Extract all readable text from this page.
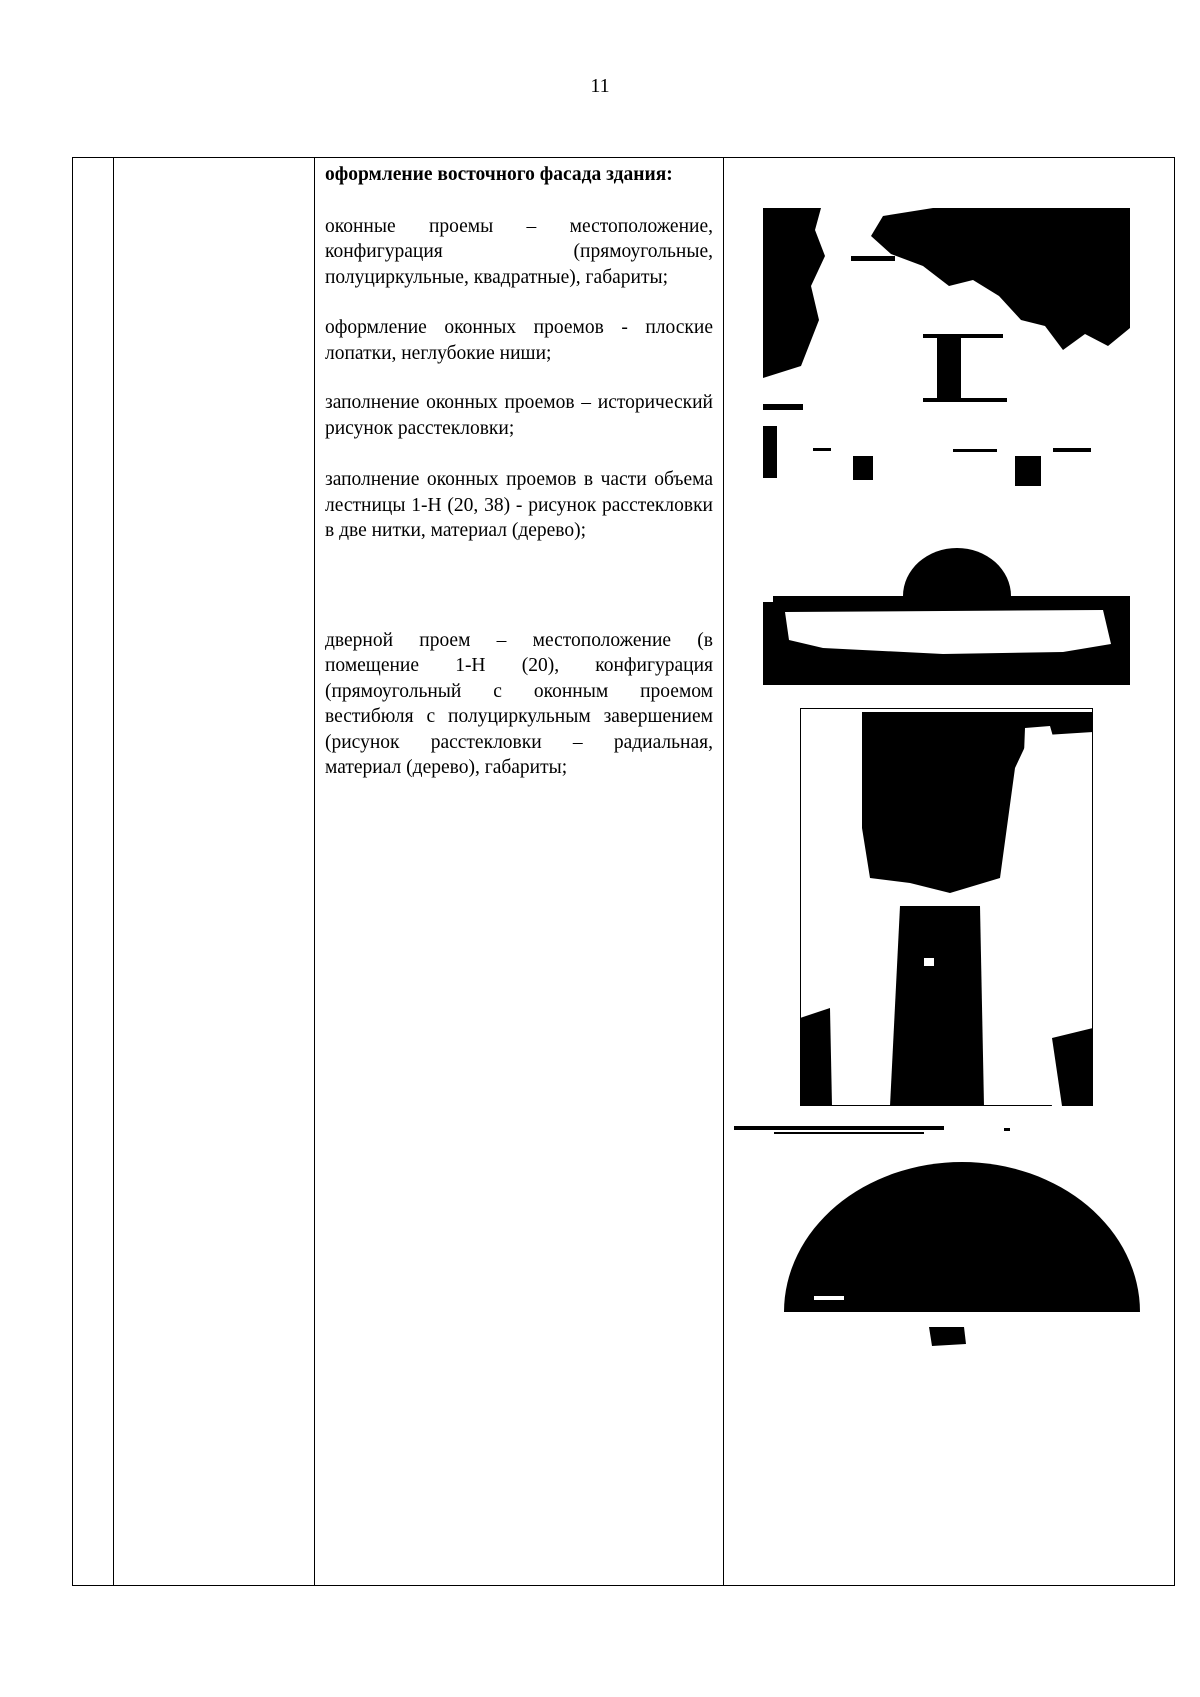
11

оформление восточного фасада здания:

оконные проемы – местоположение, конфигурация (прямоугольные, полуциркульные, квадратные), габариты;

оформление оконных проемов - плоские лопатки, неглубокие ниши;

заполнение оконных проемов – исторический рисунок расстекловки;

заполнение оконных проемов в части объема лестницы 1-Н (20, 38) - рисунок расстекловки в две нитки, материал (дерево);

дверной проем – местоположение (в помещение 1-Н (20), конфигурация (прямоугольный с оконным проемом вестибюля с полуциркульным завершением (рисунок расстекловки – радиальная, материал (дерево), габариты;
